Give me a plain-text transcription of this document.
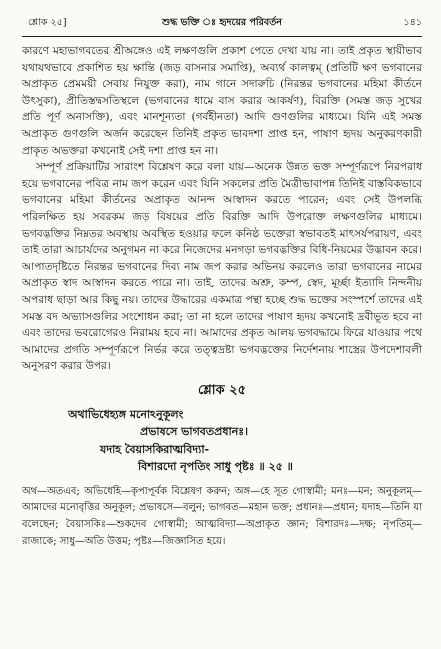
শ্লোক ২৫]	শুদ্ধ ভক্তি ঃ হৃদয়ের পরিবর্তন	১৪১

কারণে মহাভাগবতের শ্রীঅঙ্গেও এই লক্ষণগুলি প্রকাশ পেতে দেখা যায় না। তাই প্রকৃত স্থায়ীভাব যথাযথভাবে প্রকাশিত হয় ক্ষান্তি (জড় বাসনার সমাপ্তি), অব্যর্থ কালত্বম্ (প্রতিটি ক্ষণ ভগবানের অপ্রাকৃত প্রেমময়ী সেবায় নিযুক্ত করা), নাম গানে সদারুচি (নিরন্তর ভগবানের মহিমা কীর্তনে উৎসুকা), প্রীতিস্তদ্বসতিস্থলে (ভগবানের ধামে বাস করার আকর্ষণ), বিরক্তি (সমস্ত জড় সুখের প্রতি পূর্ণ অনাসক্তি), এবং মানশূন্যতা (গর্বহীনতা) আদি গুণগুলির মাধ্যমে। যিনি এই সমস্ত অপ্রাকৃত গুণগুলি অর্জন করেছেন তিনিই প্রকৃত ভাবদশা প্রাপ্ত হন, পাষাণ হৃদয় অনুকরণকারী প্রাকৃত অভক্তরা কখনোই সেই দশা প্রাপ্ত হন না।

সম্পূর্ণ প্রক্রিয়াটির সারাংশ বিশ্লেষণ করে বলা যায়—অনেক উন্নত ভক্ত সম্পূর্ণরূপে নিরপরাধ হয়ে ভগবানের পবিত্র নাম জপ করেন এবং যিনি সকলের প্রতি মৈত্রীভাবাপন্ন তিনিই বাস্তবিকভাবে ভগবানের মহিমা কীর্তনের অপ্রাকৃত আনন্দ আস্বাদন করতে পারেন; এবং সেই উপলব্ধি পরিলক্ষিত হয় সবরকম জড় বিষয়ের প্রতি বিরক্তি আদি উপরোক্ত লক্ষণগুলির মাধ্যমে। ভগবদ্ভক্তির নিম্নতর অবস্থায় অবস্থিত হওয়ার ফলে কনিষ্ঠ ভক্তেরা স্বভাবতই মাৎসর্যপরায়ণ, এবং তাই তারা আচার্যদের অনুগমন না করে নিজেদের মনগড়া ভগবদ্ভক্তির বিধি-নিয়মের উদ্ভাবন করে। আপাতদৃষ্টিতে নিরন্তর ভগবানের দিব্য নাম জপ করার অভিনয় করলেও তারা ভগবানের নামের অপ্রাকৃত স্বাদ আস্বাদন করতে পারে না। তাই, তাদের অশ্রু, কম্প, স্বেদ, মূর্চ্ছা ইত্যাদি নিন্দনীয় অপরাধ ছাড়া আর কিছু নয়। তাদের উদ্ধারের একমাত্র পন্থা হচ্ছে শুদ্ধ ভক্তের সংস্পর্শে তাদের এই সমস্ত বদ অভ্যাসগুলির সংশোধন করা; তা না হলে তাদের পাষাণ হৃদয় কখনোই দ্রবীভূত হবে না এবং তাদের ভবরোগেরও নিরাময় হবে না। আমাদের প্রকৃত আলয় ভগবদ্ধামে ফিরে যাওয়ার পথে আমাদের প্রগতি সম্পূর্ণরূপে নির্ভর করে তত্ত্বদ্রষ্টা ভগবদ্ভক্তের নির্দেশনায় শাস্ত্রের উপদেশাবলী অনুসরণ করার উপর।

শ্লোক ২৫
অথাভিধেহ্যঙ্গ মনোঽনুকূলং
প্রভাষসে ভাগবতপ্রধানঃ।
যদাহ বৈয়াসকিরাত্মবিদ্যা-
বিশারদো নৃপতিং সাধু পৃষ্টঃ ॥ ২৫ ॥
অথ—অতএব; অভিধেহি—কৃপাপূর্বক বিশ্লেষণ করুন; অঙ্গ—হে সূত গোস্বামী; মনঃ—মন; অনুকূলম্—আমাদের মনোবৃত্তির অনুকূল; প্রভাষসে—বলুন; ভাগবত—মহান ভক্ত; প্রধানঃ—প্রধান; যদাহ—তিনি যা বলেছেন; বৈয়াসকিঃ—শুকদেব গোস্বামী; আত্মবিদ্যা—অপ্রাকৃত জ্ঞান; বিশারদঃ—দক্ষ; নৃপতিম্—রাজাকে; সাধু—অতি উত্তম; পৃষ্টঃ—জিজ্ঞাসিত হয়ে।
